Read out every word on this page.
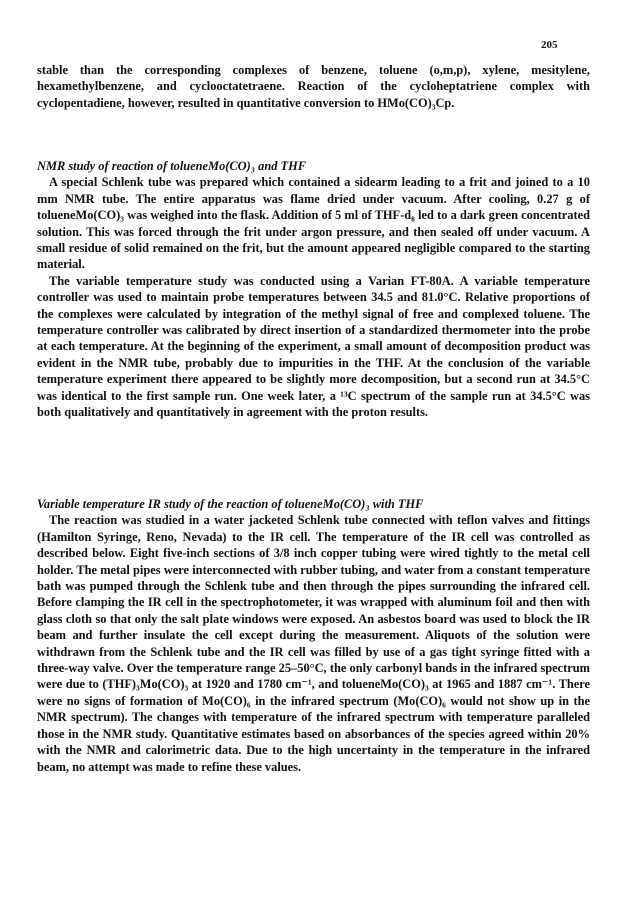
205

stable than the corresponding complexes of benzene, toluene (o,m,p), xylene, mesitylene, hexamethylbenzene, and cyclooctatetraene. Reaction of the cycloheptatriene complex with cyclopentadiene, however, resulted in quantitative conversion to HMo(CO)₃Cp.

NMR study of reaction of tolueneMo(CO)₃ and THF

A special Schlenk tube was prepared which contained a sidearm leading to a frit and joined to a 10 mm NMR tube. The entire apparatus was flame dried under vacuum. After cooling, 0.27 g of tolueneMo(CO)₃ was weighed into the flask. Addition of 5 ml of THF-d₈ led to a dark green concentrated solution. This was forced through the frit under argon pressure, and then sealed off under vacuum. A small residue of solid remained on the frit, but the amount appeared negligible compared to the starting material.

The variable temperature study was conducted using a Varian FT-80A. A variable temperature controller was used to maintain probe temperatures between 34.5 and 81.0°C. Relative proportions of the complexes were calculated by integration of the methyl signal of free and complexed toluene. The temperature controller was calibrated by direct insertion of a standardized thermometer into the probe at each temperature. At the beginning of the experiment, a small amount of decomposition product was evident in the NMR tube, probably due to impurities in the THF. At the conclusion of the variable temperature experiment there appeared to be slightly more decomposition, but a second run at 34.5°C was identical to the first sample run. One week later, a ¹³C spectrum of the sample run at 34.5°C was both qualitatively and quantitatively in agreement with the proton results.

Variable temperature IR study of the reaction of tolueneMo(CO)₃ with THF

The reaction was studied in a water jacketed Schlenk tube connected with teflon valves and fittings (Hamilton Syringe, Reno, Nevada) to the IR cell. The temperature of the IR cell was controlled as described below. Eight five-inch sections of 3/8 inch copper tubing were wired tightly to the metal cell holder. The metal pipes were interconnected with rubber tubing, and water from a constant temperature bath was pumped through the Schlenk tube and then through the pipes surrounding the infrared cell. Before clamping the IR cell in the spectrophotometer, it was wrapped with aluminum foil and then with glass cloth so that only the salt plate windows were exposed. An asbestos board was used to block the IR beam and further insulate the cell except during the measurement. Aliquots of the solution were withdrawn from the Schlenk tube and the IR cell was filled by use of a gas tight syringe fitted with a three-way valve. Over the temperature range 25–50°C, the only carbonyl bands in the infrared spectrum were due to (THF)₃Mo(CO)₃ at 1920 and 1780 cm⁻¹, and tolueneMo(CO)₃ at 1965 and 1887 cm⁻¹. There were no signs of formation of Mo(CO)₆ in the infrared spectrum (Mo(CO)₆ would not show up in the NMR spectrum). The changes with temperature of the infrared spectrum with temperature paralleled those in the NMR study. Quantitative estimates based on absorbances of the species agreed within 20% with the NMR and calorimetric data. Due to the high uncertainty in the temperature in the infrared beam, no attempt was made to refine these values.
